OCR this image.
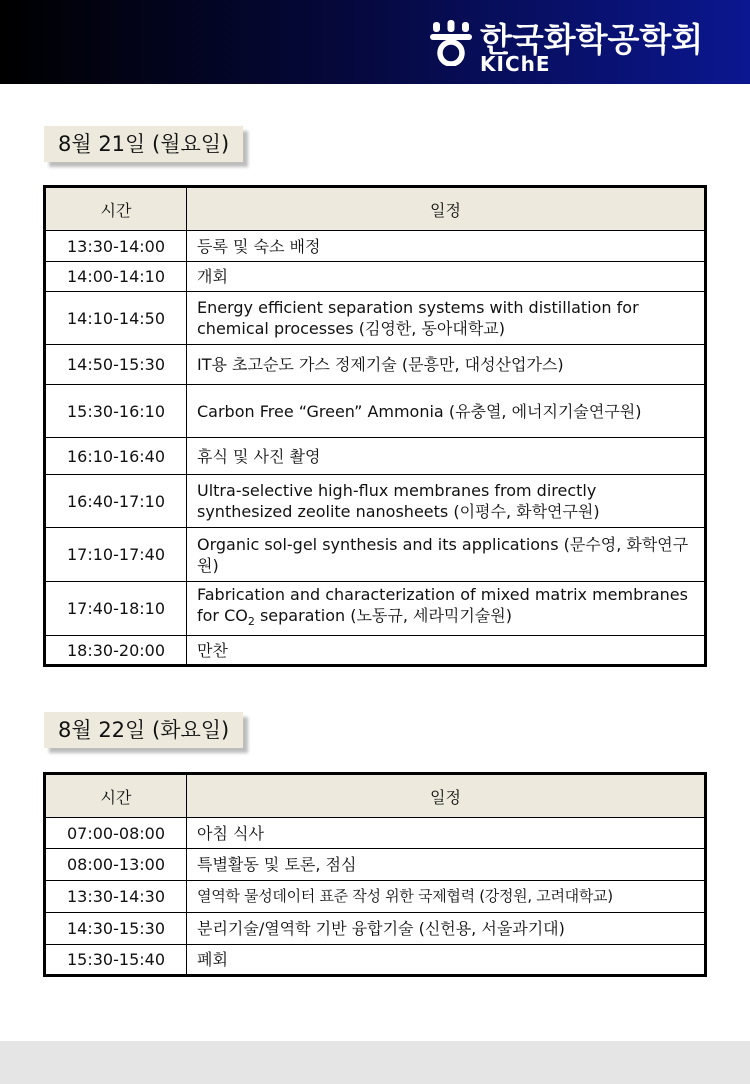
한국화학공학회
KIChE
8월 21일 (월요일)
시간	일정
13:30-14:00	등록 및 숙소 배정
14:00-14:10	개회
14:10-14:50	Energy efficient separation systems with distillation for chemical processes (김영한, 동아대학교)
14:50-15:30	IT용 초고순도 가스 정제기술 (문흥만, 대성산업가스)
15:30-16:10	Carbon Free “Green” Ammonia (유충열, 에너지기술연구원)
16:10-16:40	휴식 및 사진 촬영
16:40-17:10	Ultra-selective high-flux membranes from directly synthesized zeolite nanosheets (이평수, 화학연구원)
17:10-17:40	Organic sol-gel synthesis and its applications (문수영, 화학연구원)
17:40-18:10	Fabrication and characterization of mixed matrix membranes for $CO_2$ separation (노동규, 세라믹기술원)
18:30-20:00	만찬
8월 22일 (화요일)
시간	일정
07:00-08:00	아침 식사
08:00-13:00	특별활동 및 토론, 점심
13:30-14:30	열역학 물성데이터 표준 작성 위한 국제협력 (강정원, 고려대학교)
14:30-15:30	분리기술/열역학 기반 융합기술 (신헌용, 서울과기대)
15:30-15:40	폐회
